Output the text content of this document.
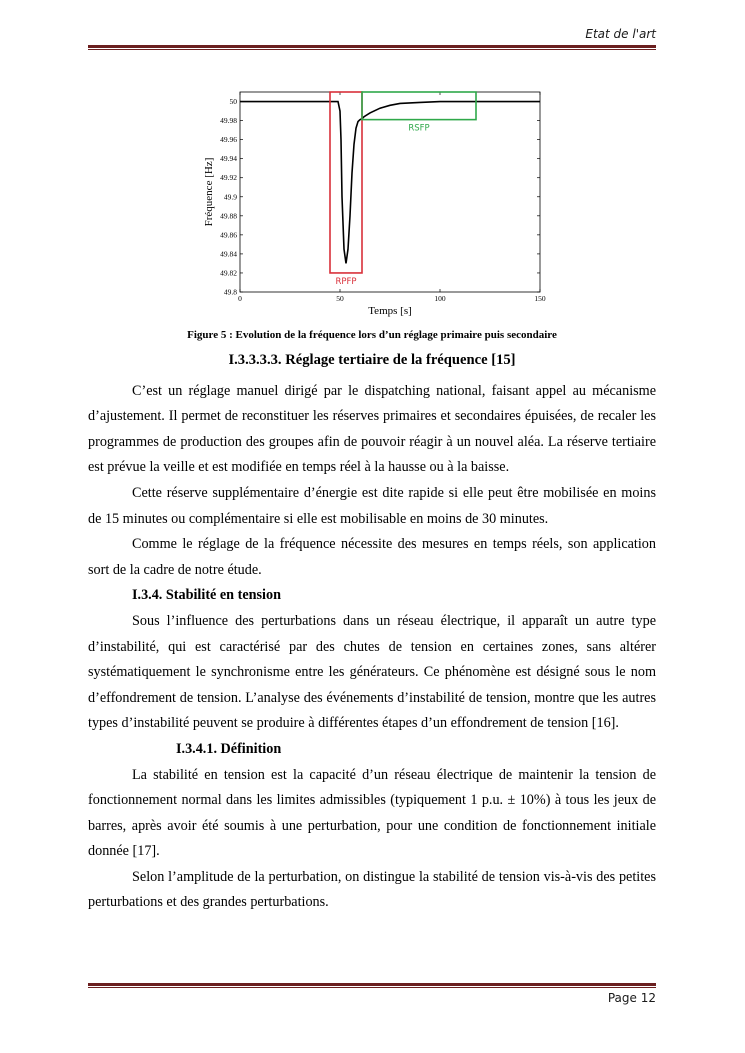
Etat de l'art
49.8
49.82
49.84
49.86
49.88
49.9
49.92
49.94
49.96
49.98
50
0	50	100	150
RPFP
RSFP
Temps [s]
Fréquence [Hz]
Figure 5 : Evolution de la fréquence lors d’un réglage primaire puis secondaire

I.3.3.3.3. Réglage tertiaire de la fréquence [15]

C’est un réglage manuel dirigé par le dispatching national, faisant appel au mécanisme d’ajustement. Il permet de reconstituer les réserves primaires et secondaires épuisées, de recaler les programmes de production des groupes afin de pouvoir réagir à un nouvel aléa. La réserve tertiaire est prévue la veille et est modifiée en temps réel à la hausse ou à la baisse.

Cette réserve supplémentaire d’énergie est dite rapide si elle peut être mobilisée en moins de 15 minutes ou complémentaire si elle est mobilisable en moins de 30 minutes.

Comme le réglage de la fréquence nécessite des mesures en temps réels, son application sort de la cadre de notre étude.

I.3.4. Stabilité en tension

Sous l’influence des perturbations dans un réseau électrique, il apparaît un autre type d’instabilité, qui est caractérisé par des chutes de tension en certaines zones, sans altérer systématiquement le synchronisme entre les générateurs. Ce phénomène est désigné sous le nom d’effondrement de tension. L’analyse des événements d’instabilité de tension, montre que les autres types d’instabilité peuvent se produire à différentes étapes d’un effondrement de tension [16].

I.3.4.1. Définition

La stabilité en tension est la capacité d’un réseau électrique de maintenir la tension de fonctionnement normal dans les limites admissibles (typiquement 1 p.u. ± 10%) à tous les jeux de barres, après avoir été soumis à une perturbation, pour une condition de fonctionnement initiale donnée [17].

Selon l’amplitude de la perturbation, on distingue la stabilité de tension vis-à-vis des petites perturbations et des grandes perturbations.

Page 12
